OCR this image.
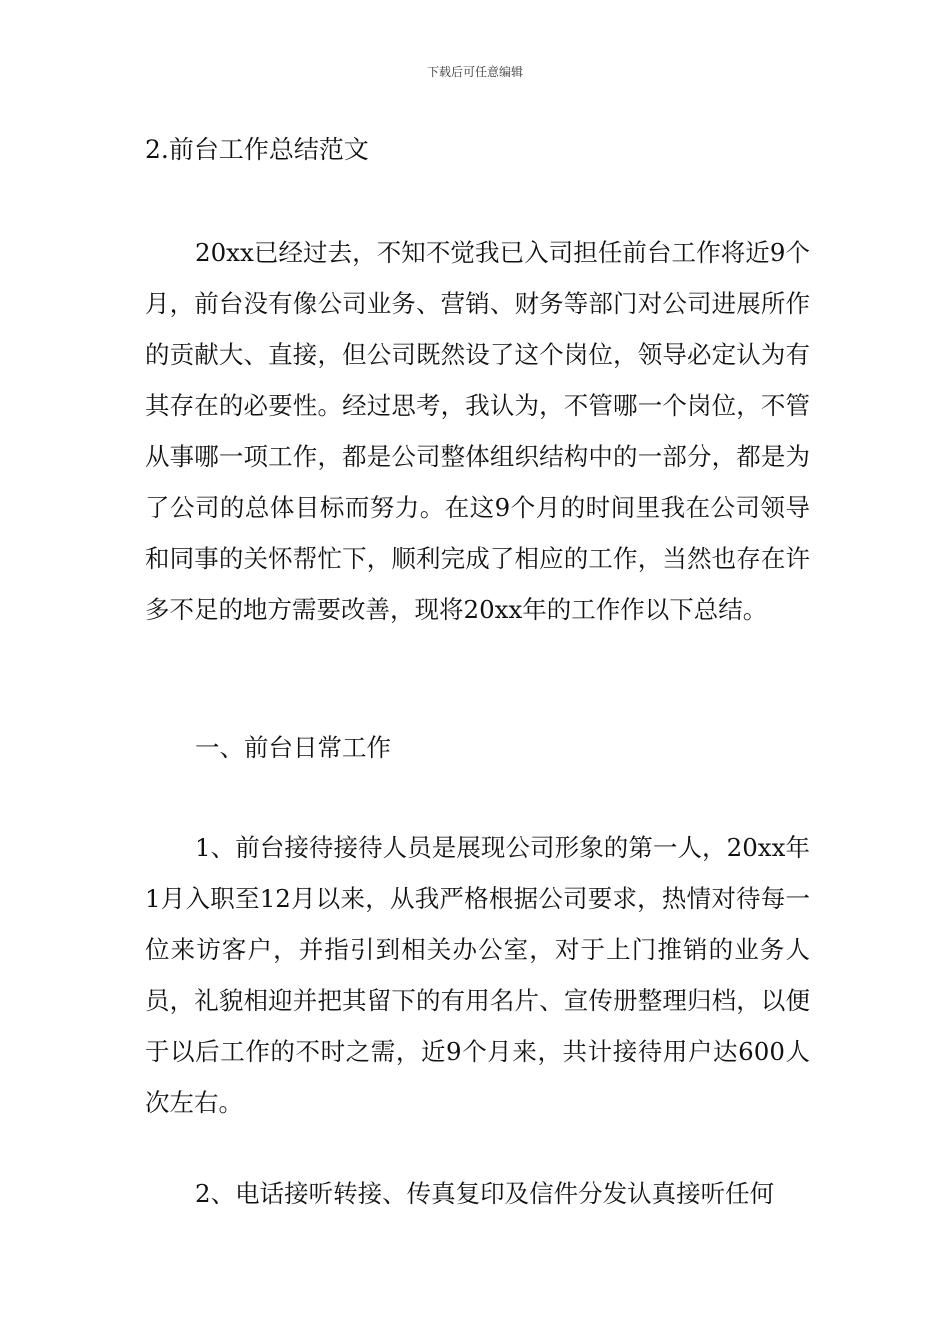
下载后可任意编辑
2.前台工作总结范文

20xx已经过去，不知不觉我已入司担任前台工作将近9个月，前台没有像公司业务、营销、财务等部门对公司进展所作的贡献大、直接，但公司既然设了这个岗位，领导必定认为有其存在的必要性。经过思考，我认为，不管哪一个岗位，不管从事哪一项工作，都是公司整体组织结构中的一部分，都是为了公司的总体目标而努力。在这9个月的时间里我在公司领导和同事的关怀帮忙下，顺利完成了相应的工作，当然也存在许多不足的地方需要改善，现将20xx年的工作作以下总结。

一、前台日常工作

1、前台接待接待人员是展现公司形象的第一人，20xx年1月入职至12月以来，从我严格根据公司要求，热情对待每一位来访客户，并指引到相关办公室，对于上门推销的业务人员，礼貌相迎并把其留下的有用名片、宣传册整理归档，以便于以后工作的不时之需，近9个月来，共计接待用户达600人次左右。

2、电话接听转接、传真复印及信件分发认真接听任何
